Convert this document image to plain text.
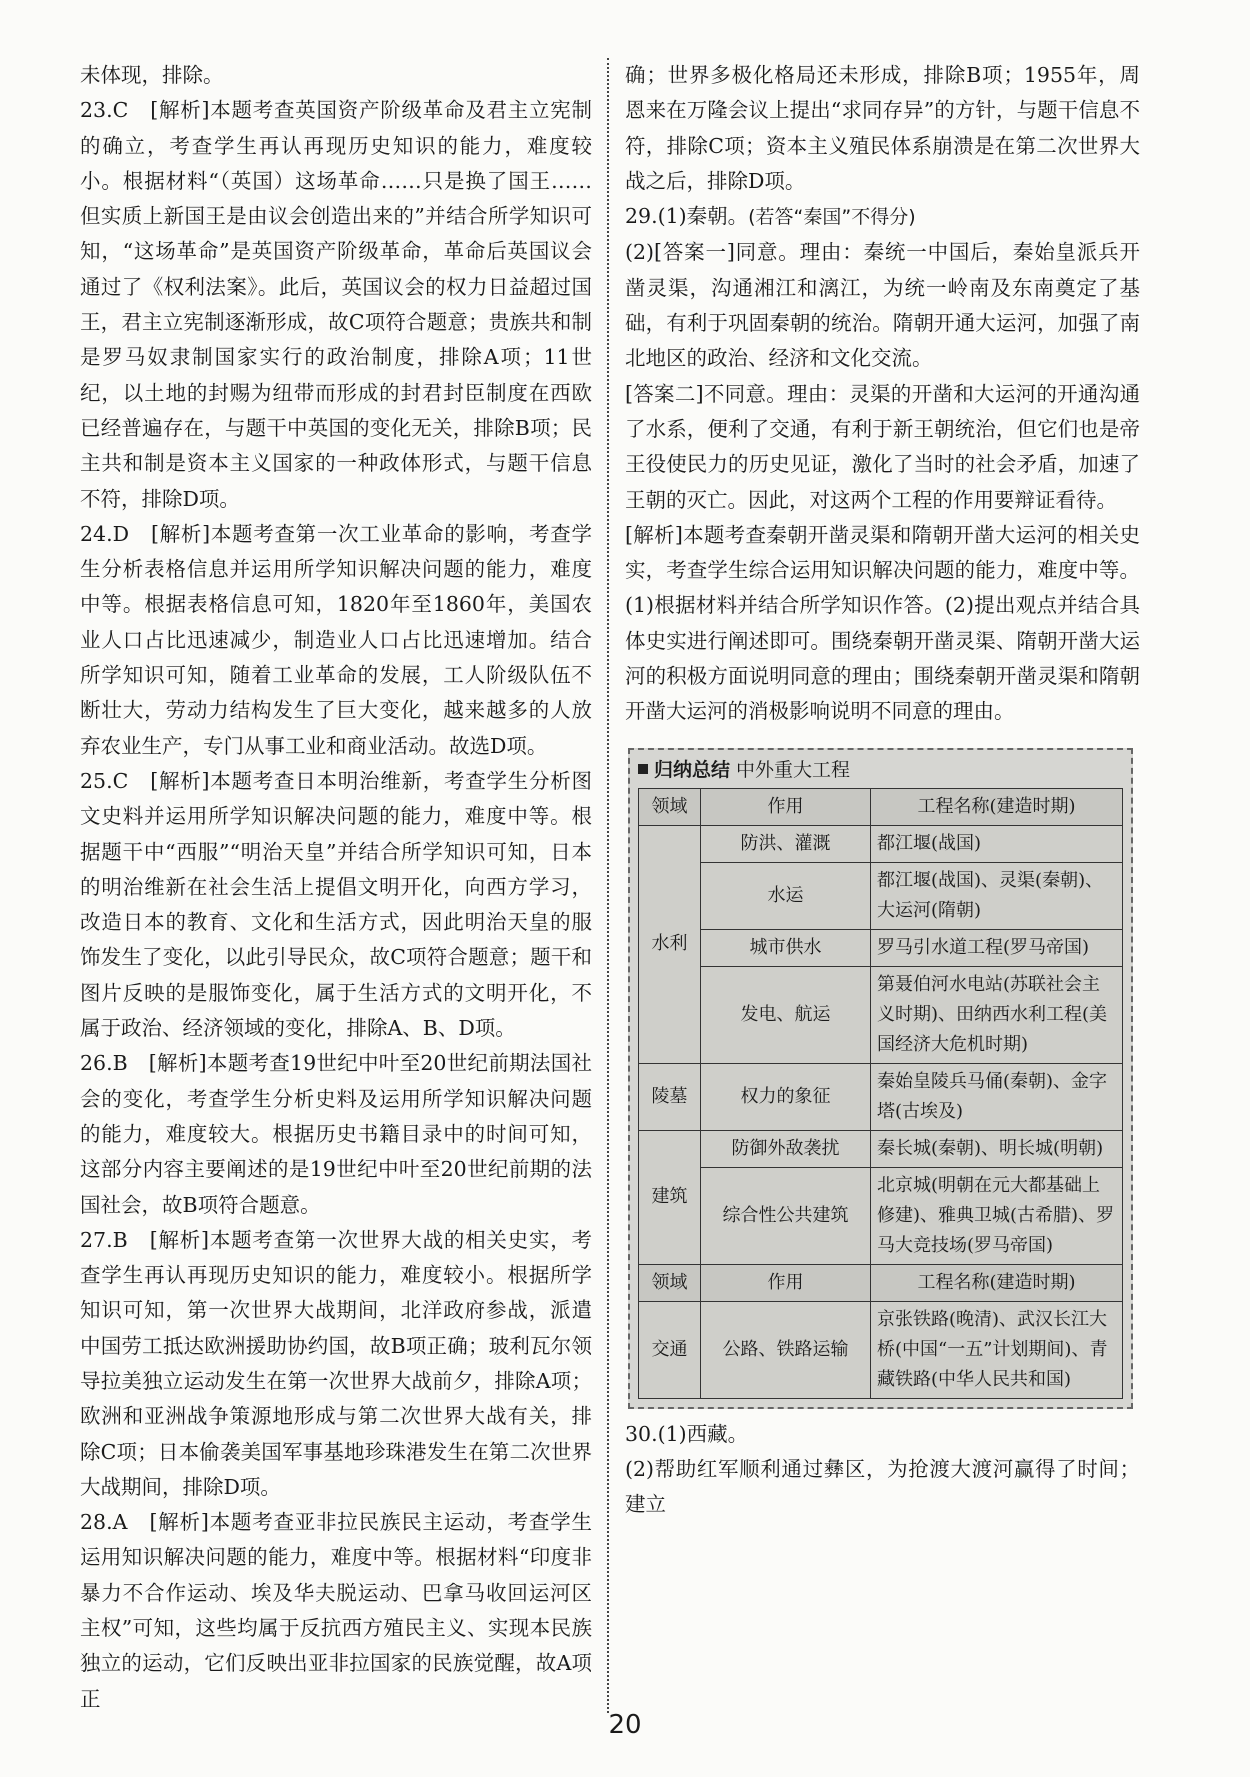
未体现，排除。

23.C　[解析]本题考查英国资产阶级革命及君主立宪制的确立，考查学生再认再现历史知识的能力，难度较小。根据材料“（英国）这场革命……只是换了国王……但实质上新国王是由议会创造出来的”并结合所学知识可知，“这场革命”是英国资产阶级革命，革命后英国议会通过了《权利法案》。此后，英国议会的权力日益超过国王，君主立宪制逐渐形成，故C项符合题意；贵族共和制是罗马奴隶制国家实行的政治制度，排除A项；11世纪，以土地的封赐为纽带而形成的封君封臣制度在西欧已经普遍存在，与题干中英国的变化无关，排除B项；民主共和制是资本主义国家的一种政体形式，与题干信息不符，排除D项。

24.D　[解析]本题考查第一次工业革命的影响，考查学生分析表格信息并运用所学知识解决问题的能力，难度中等。根据表格信息可知，1820年至1860年，美国农业人口占比迅速减少，制造业人口占比迅速增加。结合所学知识可知，随着工业革命的发展，工人阶级队伍不断壮大，劳动力结构发生了巨大变化，越来越多的人放弃农业生产，专门从事工业和商业活动。故选D项。

25.C　[解析]本题考查日本明治维新，考查学生分析图文史料并运用所学知识解决问题的能力，难度中等。根据题干中“西服”“明治天皇”并结合所学知识可知，日本的明治维新在社会生活上提倡文明开化，向西方学习，改造日本的教育、文化和生活方式，因此明治天皇的服饰发生了变化，以此引导民众，故C项符合题意；题干和图片反映的是服饰变化，属于生活方式的文明开化，不属于政治、经济领域的变化，排除A、B、D项。

26.B　[解析]本题考查19世纪中叶至20世纪前期法国社会的变化，考查学生分析史料及运用所学知识解决问题的能力，难度较大。根据历史书籍目录中的时间可知，这部分内容主要阐述的是19世纪中叶至20世纪前期的法国社会，故B项符合题意。

27.B　[解析]本题考查第一次世界大战的相关史实，考查学生再认再现历史知识的能力，难度较小。根据所学知识可知，第一次世界大战期间，北洋政府参战，派遣中国劳工抵达欧洲援助协约国，故B项正确；玻利瓦尔领导拉美独立运动发生在第一次世界大战前夕，排除A项；欧洲和亚洲战争策源地形成与第二次世界大战有关，排除C项；日本偷袭美国军事基地珍珠港发生在第二次世界大战期间，排除D项。

28.A　[解析]本题考查亚非拉民族民主运动，考查学生运用知识解决问题的能力，难度中等。根据材料“印度非暴力不合作运动、埃及华夫脱运动、巴拿马收回运河区主权”可知，这些均属于反抗西方殖民主义、实现本民族独立的运动，它们反映出亚非拉国家的民族觉醒，故A项正

确；世界多极化格局还未形成，排除B项；1955年，周恩来在万隆会议上提出“求同存异”的方针，与题干信息不符，排除C项；资本主义殖民体系崩溃是在第二次世界大战之后，排除D项。

29.(1)秦朝。(若答“秦国”不得分)

(2)[答案一]同意。理由：秦统一中国后，秦始皇派兵开凿灵渠，沟通湘江和漓江，为统一岭南及东南奠定了基础，有利于巩固秦朝的统治。隋朝开通大运河，加强了南北地区的政治、经济和文化交流。

[答案二]不同意。理由：灵渠的开凿和大运河的开通沟通了水系，便利了交通，有利于新王朝统治，但它们也是帝王役使民力的历史见证，激化了当时的社会矛盾，加速了王朝的灭亡。因此，对这两个工程的作用要辩证看待。

[解析]本题考查秦朝开凿灵渠和隋朝开凿大运河的相关史实，考查学生综合运用知识解决问题的能力，难度中等。(1)根据材料并结合所学知识作答。(2)提出观点并结合具体史实进行阐述即可。围绕秦朝开凿灵渠、隋朝开凿大运河的积极方面说明同意的理由；围绕秦朝开凿灵渠和隋朝开凿大运河的消极影响说明不同意的理由。

归纳总结 中外重大工程
领域	作用	工程名称(建造时期)
水利	防洪、灌溉	都江堰(战国)
	水运	都江堰(战国)、灵渠(秦朝)、大运河(隋朝)
	城市供水	罗马引水道工程(罗马帝国)
	发电、航运	第聂伯河水电站(苏联社会主义时期)、田纳西水利工程(美国经济大危机时期)
陵墓	权力的象征	秦始皇陵兵马俑(秦朝)、金字塔(古埃及)
建筑	防御外敌袭扰	秦长城(秦朝)、明长城(明朝)
	综合性公共建筑	北京城(明朝在元大都基础上修建)、雅典卫城(古希腊)、罗马大竞技场(罗马帝国)
领域	作用	工程名称(建造时期)
交通	公路、铁路运输	京张铁路(晚清)、武汉长江大桥(中国“一五”计划期间)、青藏铁路(中华人民共和国)

30.(1)西藏。

(2)帮助红军顺利通过彝区，为抢渡大渡河赢得了时间；建立

20
